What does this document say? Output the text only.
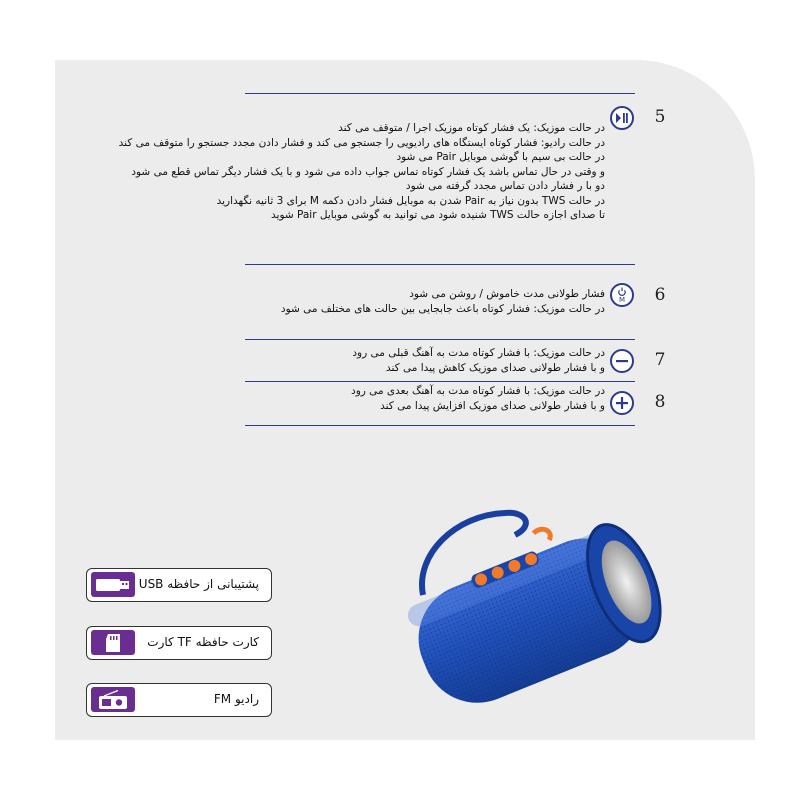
5
در حالت موزیک: یک فشار کوتاه موزیک اجرا / متوقف می کند
در حالت رادیو: فشار کوتاه ایستگاه های رادیویی را جستجو می کند و فشار دادن مجدد جستجو را متوقف می کند
در حالت بی سیم با گوشی موبایل Pair می شود
و وقتی در حال تماس باشد یک فشار کوتاه تماس جواب داده می شود و با یک فشار دیگر تماس قطع می شود
دو با ر فشار دادن تماس مجدد گرفته می شود
در حالت TWS بدون نیاز به Pair شدن به موبایل فشار دادن دکمه M برای 3 ثانیه نگهدارید
تا صدای اجازه حالت TWS شنیده شود می توانید به گوشی موبایل Pair شوید
M 6
فشار طولانی مدت خاموش / روشن می شود
در حالت موزیک: فشار کوتاه باعث جابجایی بین حالت های مختلف می شود
7
در حالت موزیک: با فشار کوتاه مدت به آهنگ قبلی می رود
و با فشار طولانی صدای موزیک کاهش پیدا می کند
8
در حالت موزیک: با فشار کوتاه مدت به آهنگ بعدی می رود
و با فشار طولانی صدای موزیک افزایش پیدا می کند
پشتیبانی از حافظه USB
کارت حافظه TF کارت
رادیو FM
